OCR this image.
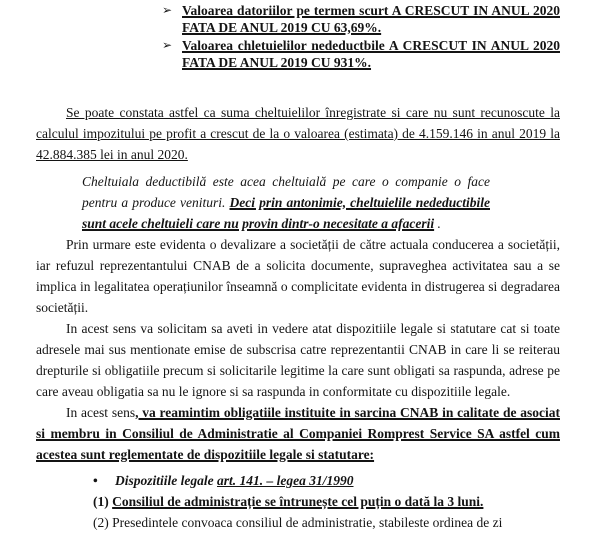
➢ Valoarea datoriilor pe termen scurt A CRESCUT IN ANUL 2020 FATA DE ANUL 2019 CU 63,69%.
➢ Valoarea chletuielilor nedeductbile A CRESCUT IN ANUL 2020 FATA DE ANUL 2019 CU 931%.

Se poate constata astfel ca suma cheltuielilor înregistrate si care nu sunt recunoscute la calculul impozitului pe profit a crescut de la o valoarea (estimata) de 4.159.146 in anul 2019 la 42.884.385 lei in anul 2020.

Cheltuiala deductibilă este acea cheltuială pe care o companie o face pentru a produce venituri. Deci prin antonimie, cheltuielile nedeductibile sunt acele cheltuieli care nu provin dintr-o necesitate a afacerii .

Prin urmare este evidenta o devalizare a societății de către actuala conducerea a societății, iar refuzul reprezentantului CNAB de a solicita documente, supraveghea activitatea sau a se implica in legalitatea operațiunilor înseamnă o complicitate evidenta in distrugerea si degradarea societății.

In acest sens va solicitam sa aveti in vedere atat dispozitiile legale si statutare cat si toate adresele mai sus mentionate emise de subscrisa catre reprezentantii CNAB in care li se reiterau drepturile si obligatiile precum si solicitarile legitime la care sunt obligati sa raspunda, adrese pe care aveau obligatia sa nu le ignore si sa raspunda in conformitate cu dispozitiile legale.

In acest sens, va reamintim obligatiile instituite in sarcina CNAB in calitate de asociat si membru in Consiliul de Administratie al Companiei Romprest Service SA astfel cum acestea sunt reglementate de dispozitiile legale si statutare:

• Dispozitiile legale art. 141. – legea 31/1990

(1) Consiliul de administrație se întrunește cel puțin o dată la 3 luni.

(2) Presedintele convoaca consiliul de administratie, stabileste ordinea de zi
